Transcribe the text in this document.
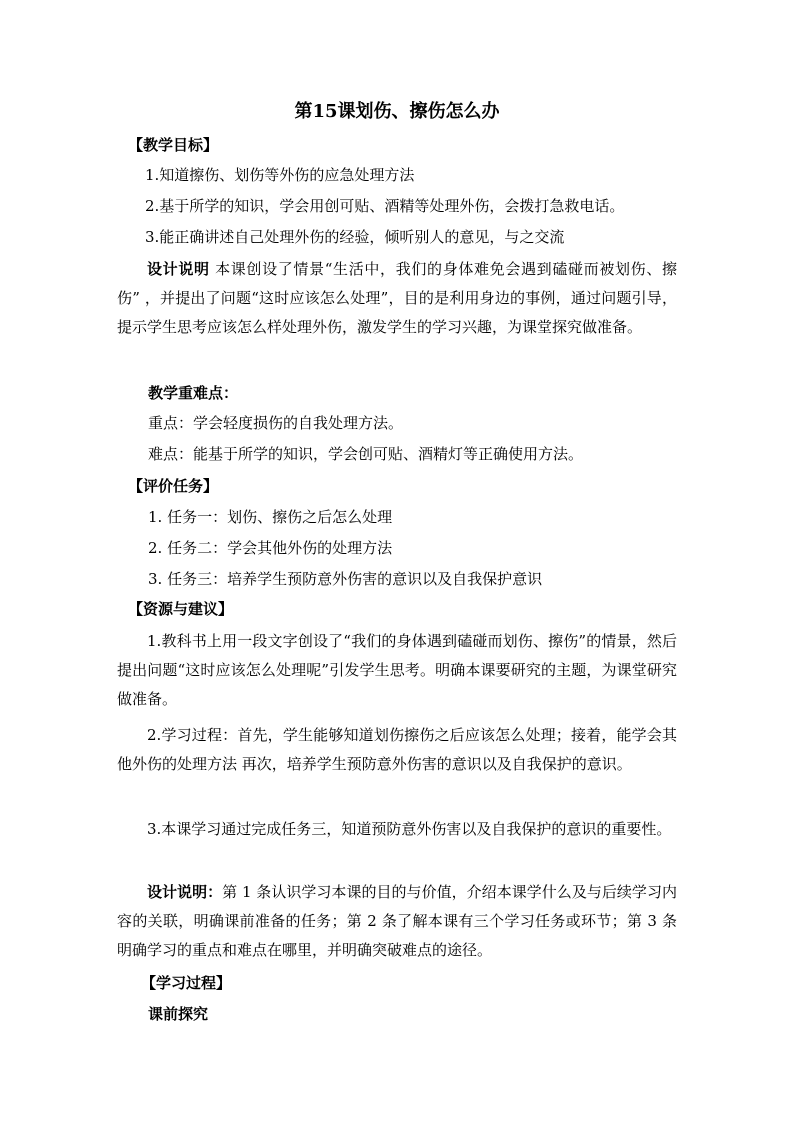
第15课划伤、擦伤怎么办
【教学目标】
1.知道擦伤、划伤等外伤的应急处理方法
2.基于所学的知识，学会用创可贴、酒精等处理外伤，会拨打急救电话。
3.能正确讲述自己处理外伤的经验，倾听别人的意见，与之交流
设计说明 本课创设了情景“生活中，我们的身体难免会遇到磕碰而被划伤、擦伤” ，并提出了问题“这时应该怎么处理”，目的是利用身边的事例，通过问题引导，提示学生思考应该怎么样处理外伤，激发学生的学习兴趣，为课堂探究做准备。
教学重难点：
重点：学会轻度损伤的自我处理方法。
难点：能基于所学的知识，学会创可贴、酒精灯等正确使用方法。
【评价任务】
1. 任务一：划伤、擦伤之后怎么处理
2. 任务二：学会其他外伤的处理方法
3. 任务三：培养学生预防意外伤害的意识以及自我保护意识
【资源与建议】
1.教科书上用一段文字创设了“我们的身体遇到磕碰而划伤、擦伤”的情景，然后提出问题“这时应该怎么处理呢”引发学生思考。明确本课要研究的主题，为课堂研究做准备。
2.学习过程：首先，学生能够知道划伤擦伤之后应该怎么处理；接着，能学会其他外伤的处理方法 再次，培养学生预防意外伤害的意识以及自我保护的意识。
3.本课学习通过完成任务三，知道预防意外伤害以及自我保护的意识的重要性。
设计说明：第 1 条认识学习本课的目的与价值，介绍本课学什么及与后续学习内容的关联，明确课前准备的任务；第 2 条了解本课有三个学习任务或环节；第 3 条明确学习的重点和难点在哪里，并明确突破难点的途径。
【学习过程】
课前探究
